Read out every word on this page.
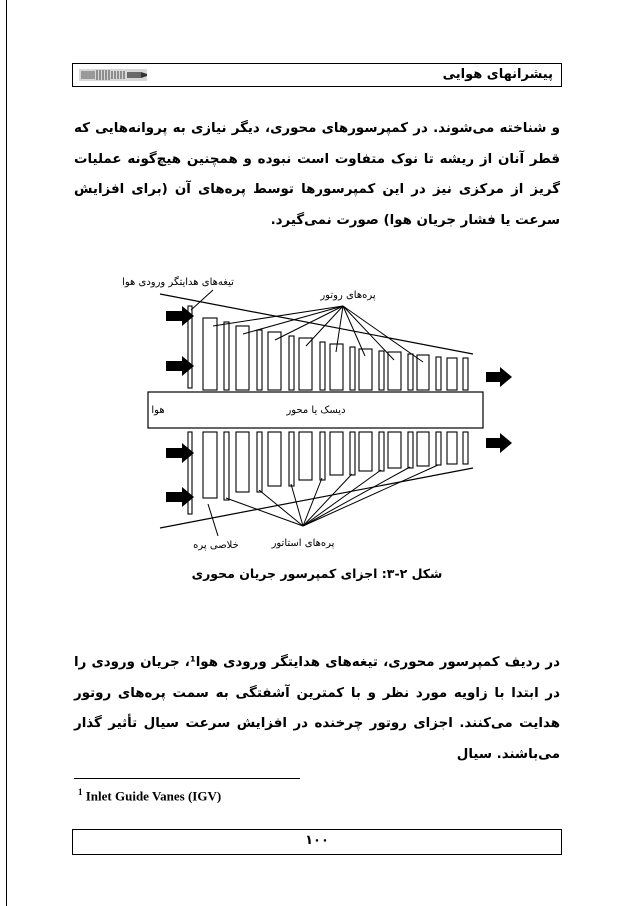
پیشرانهای هوایی
و شناخته می‌شوند. در کمپرسورهای محوری، دیگر نیازی به پروانه‌هایی که قطر آنان از ریشه تا نوک متفاوت است نبوده و همچنین هیچ‌گونه عملیات گریز از مرکزی نیز در این کمپرسورها توسط پره‌های آن (برای افزایش سرعت یا فشار جریان هوا) صورت نمی‌گیرد.
تیغه‌های هدایتگر ورودی هوا
پره‌های روتور
هوا	دیسک یا محور
پره‌های استاتور
خلاصی پره
شکل ۲-۳: اجزای کمپرسور جریان محوری
در ردیف کمپرسور محوری، تیغه‌های هدایتگر ورودی هوا¹، جریان ورودی را در ابتدا با زاویه مورد نظر و با کمترین آشفتگی به سمت پره‌های روتور هدایت می‌کنند. اجزای روتور چرخنده در افزایش سرعت سیال تأثیر گذار می‌باشند. سیال
$^1$ Inlet Guide Vanes (IGV)
۱۰۰
